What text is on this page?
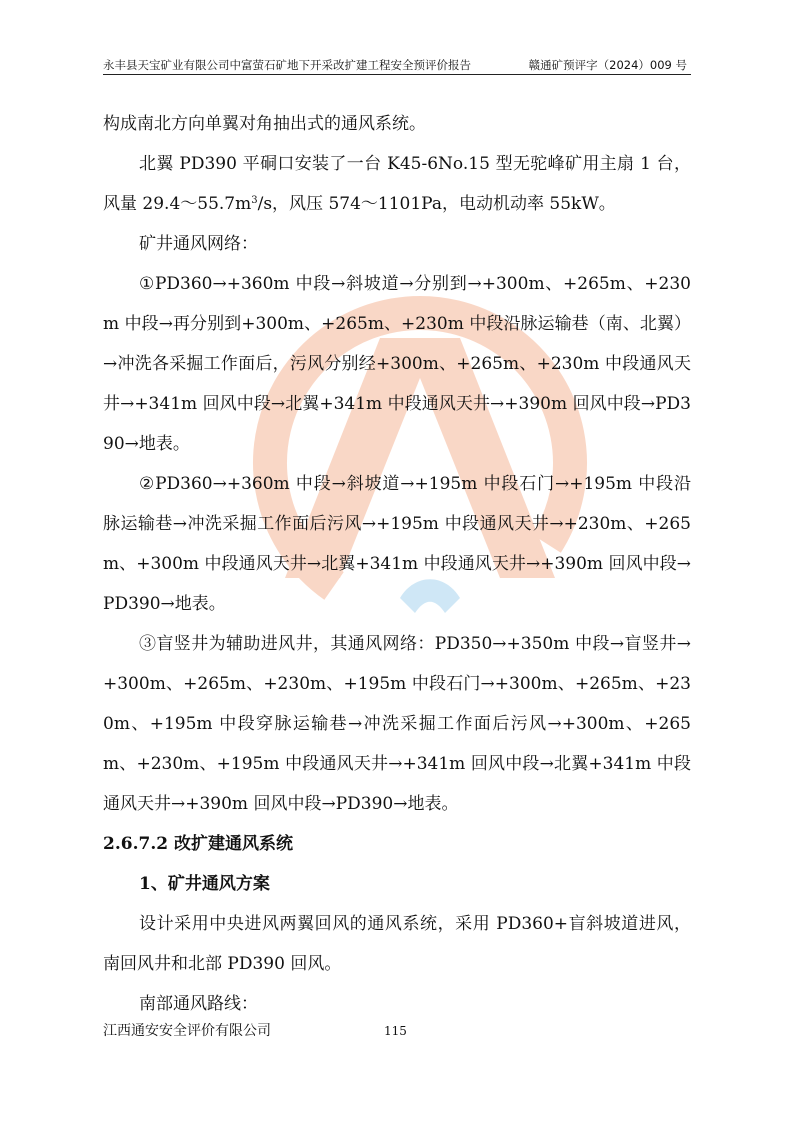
永丰县天宝矿业有限公司中富萤石矿地下开采改扩建工程安全预评价报告	赣通矿预评字（2024）009 号

构成南北方向单翼对角抽出式的通风系统。

北翼 PD390 平硐口安装了一台 K45-6No.15 型无驼峰矿用主扇 1 台，风量 $29.4\sim 55.7m^3/s$，风压 574～1101Pa，电动机动率 55kW。

矿井通风网络：

①PD360→+360m 中段→斜坡道→分别到→+300m、+265m、+230m 中段→再分别到+300m、+265m、+230m 中段沿脉运输巷（南、北翼）→冲洗各采掘工作面后，污风分别经+300m、+265m、+230m 中段通风天井→+341m 回风中段→北翼+341m 中段通风天井→+390m 回风中段→PD390→地表。

②PD360→+360m 中段→斜坡道→+195m 中段石门→+195m 中段沿脉运输巷→冲洗采掘工作面后污风→+195m 中段通风天井→+230m、+265m、+300m 中段通风天井→北翼+341m 中段通风天井→+390m 回风中段→PD390→地表。

③盲竖井为辅助进风井，其通风网络：PD350→+350m 中段→盲竖井→+300m、+265m、+230m、+195m 中段石门→+300m、+265m、+230m、+195m 中段穿脉运输巷→冲洗采掘工作面后污风→+300m、+265m、+230m、+195m 中段通风天井→+341m 回风中段→北翼+341m 中段通风天井→+390m 回风中段→PD390→地表。

2.6.7.2 改扩建通风系统

1、矿井通风方案

设计采用中央进风两翼回风的通风系统，采用 PD360+盲斜坡道进风，南回风井和北部 PD390 回风。

南部通风路线：

江西通安安全评价有限公司	115
